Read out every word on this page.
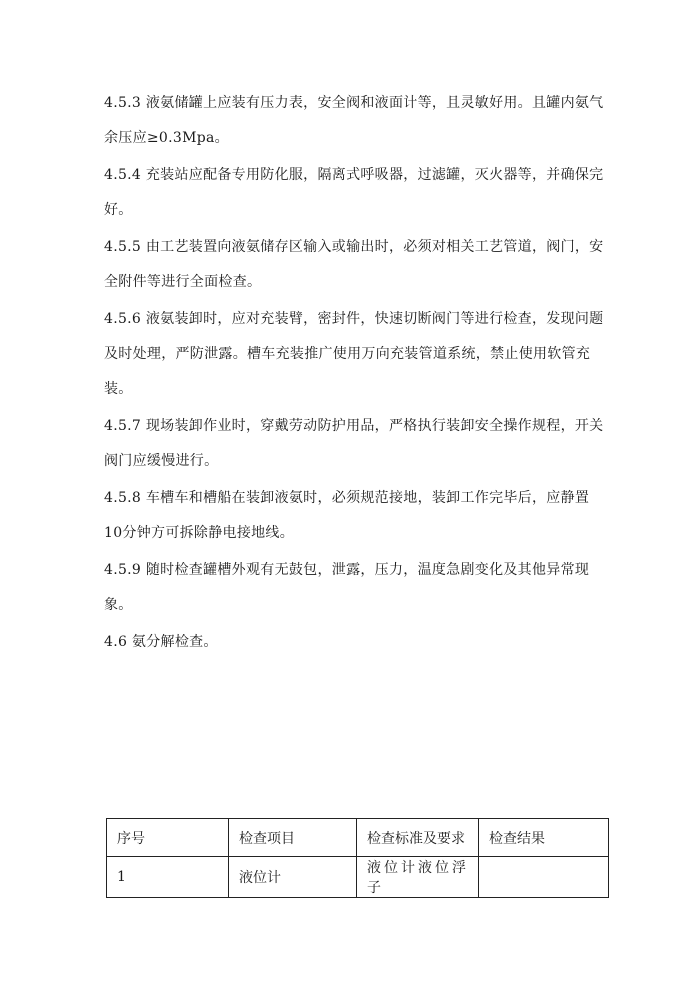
4.5.3 液氨储罐上应装有压力表，安全阀和液面计等，且灵敏好用。且罐内氨气余压应≥0.3Mpa。

4.5.4 充装站应配备专用防化服，隔离式呼吸器，过滤罐，灭火器等，并确保完好。

4.5.5 由工艺装置向液氨储存区输入或输出时，必须对相关工艺管道，阀门，安全附件等进行全面检查。

4.5.6 液氨装卸时，应对充装臂，密封件，快速切断阀门等进行检查，发现问题及时处理，严防泄露。槽车充装推广使用万向充装管道系统，禁止使用软管充装。

4.5.7 现场装卸作业时，穿戴劳动防护用品，严格执行装卸安全操作规程，开关阀门应缓慢进行。

4.5.8 车槽车和槽船在装卸液氨时，必须规范接地，装卸工作完毕后，应静置10分钟方可拆除静电接地线。

4.5.9 随时检查罐槽外观有无鼓包，泄露，压力，温度急剧变化及其他异常现象。

4.6 氨分解检查。

序号	检查项目	检查标准及要求	检查结果
1	液位计	液位计液位浮子	
